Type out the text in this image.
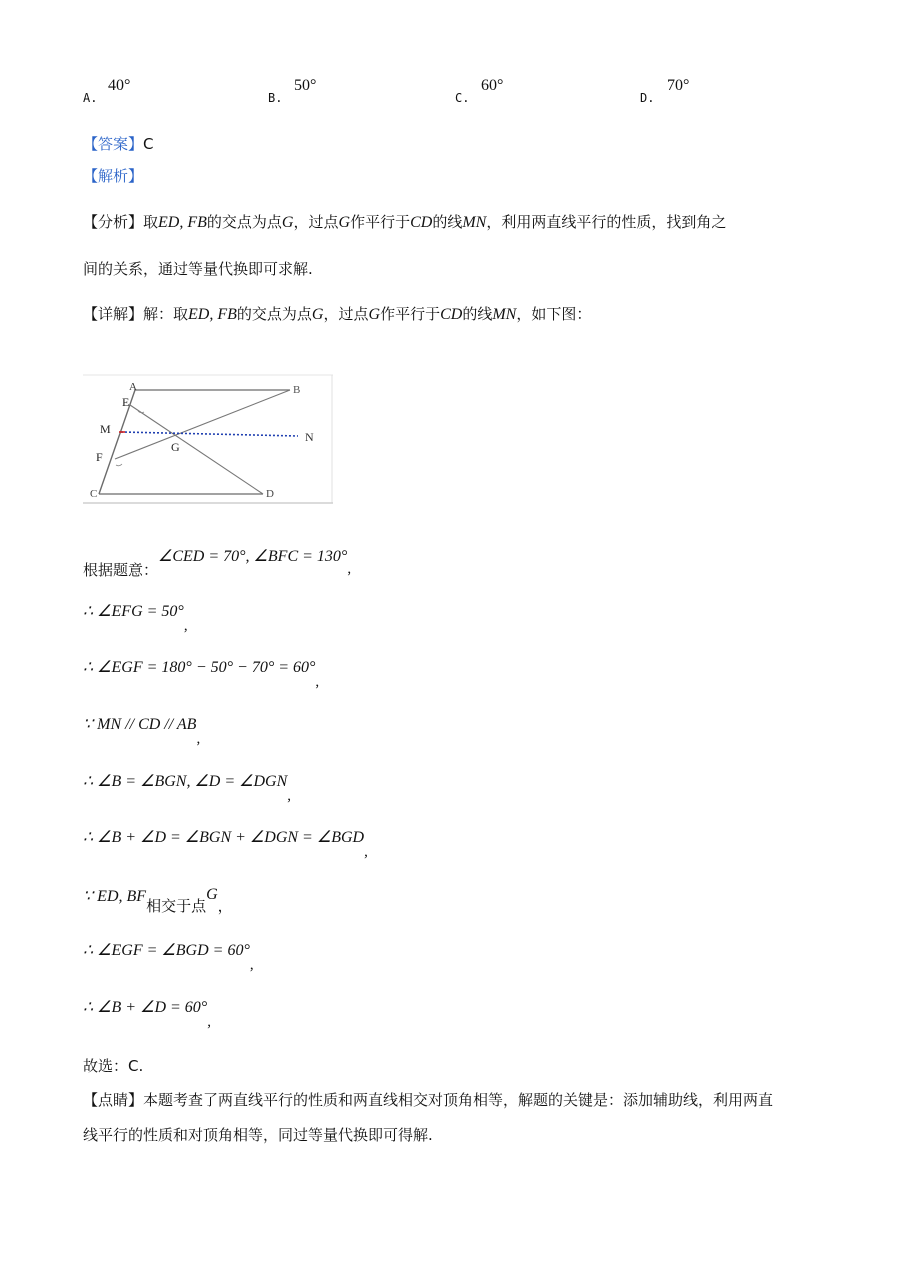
A.
40°
B.
50°
C.
60°
D.
70°
【答案】C
【解析】
【分析】取ED, FB的交点为点G，过点G作平行于CD的线MN，利用两直线平行的性质，找到角之
间的关系，通过等量代换即可求解.
【详解】解：取ED, FB的交点为点G，过点G作平行于CD的线MN，如下图：
A	B
E
M
N
G
F
C	D
根据题意：∠CED = 70°, ∠BFC = 130°,
∴ ∠EFG = 50°,
∴ ∠EGF = 180° − 50° − 70° = 60°,
∵ MN // CD // AB,
∴ ∠B = ∠BGN, ∠D = ∠DGN,
∴ ∠B + ∠D = ∠BGN + ∠DGN = ∠BGD,
∵ ED, BF相交于点G，
∴ ∠EGF = ∠BGD = 60°,
∴ ∠B + ∠D = 60°,
故选：C.
【点睛】本题考查了两直线平行的性质和两直线相交对顶角相等，解题的关键是：添加辅助线，利用两直
线平行的性质和对顶角相等，同过等量代换即可得解.
